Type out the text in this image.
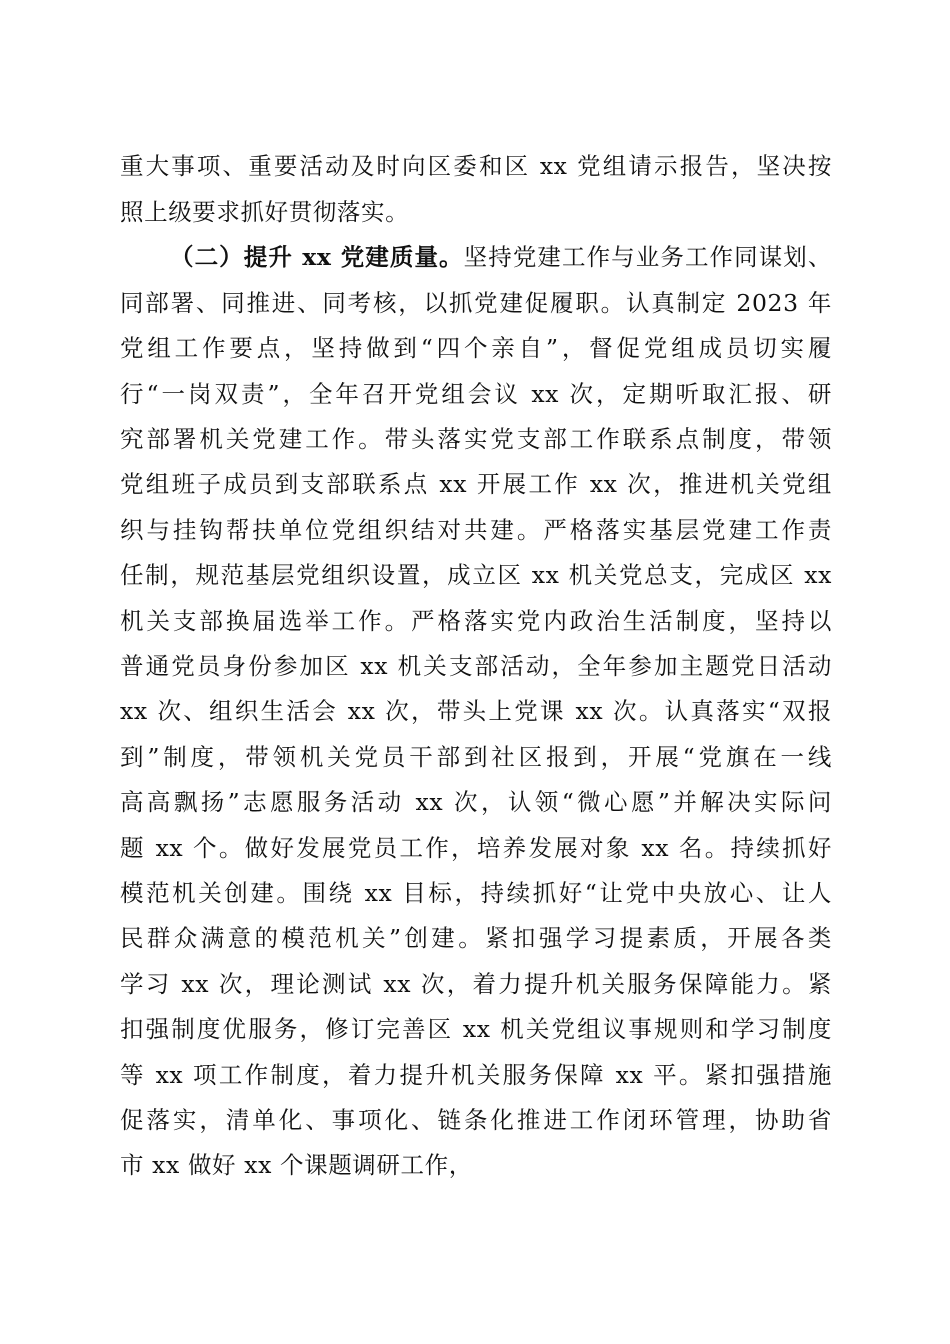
重大事项、重要活动及时向区委和区 xx 党组请示报告，坚决按
照上级要求抓好贯彻落实。
（二）提升 xx 党建质量。坚持党建工作与业务工作同谋划、
同部署、同推进、同考核，以抓党建促履职。认真制定 2023 年
党组工作要点，坚持做到“四个亲自”，督促党组成员切实履
行“一岗双责”，全年召开党组会议 xx 次，定期听取汇报、研
究部署机关党建工作。带头落实党支部工作联系点制度，带领
党组班子成员到支部联系点 xx 开展工作 xx 次，推进机关党组
织与挂钩帮扶单位党组织结对共建。严格落实基层党建工作责
任制，规范基层党组织设置，成立区 xx 机关党总支，完成区 xx
机关支部换届选举工作。严格落实党内政治生活制度，坚持以
普通党员身份参加区 xx 机关支部活动，全年参加主题党日活动
xx 次、组织生活会 xx 次，带头上党课 xx 次。认真落实“双报
到”制度，带领机关党员干部到社区报到，开展“党旗在一线
高高飘扬”志愿服务活动 xx 次，认领“微心愿”并解决实际问
题 xx 个。做好发展党员工作，培养发展对象 xx 名。持续抓好
模范机关创建。围绕 xx 目标，持续抓好“让党中央放心、让人
民群众满意的模范机关”创建。紧扣强学习提素质，开展各类
学习 xx 次，理论测试 xx 次，着力提升机关服务保障能力。紧
扣强制度优服务，修订完善区 xx 机关党组议事规则和学习制度
等 xx 项工作制度，着力提升机关服务保障 xx 平。紧扣强措施
促落实，清单化、事项化、链条化推进工作闭环管理，协助省
市 xx 做好 xx 个课题调研工作，
